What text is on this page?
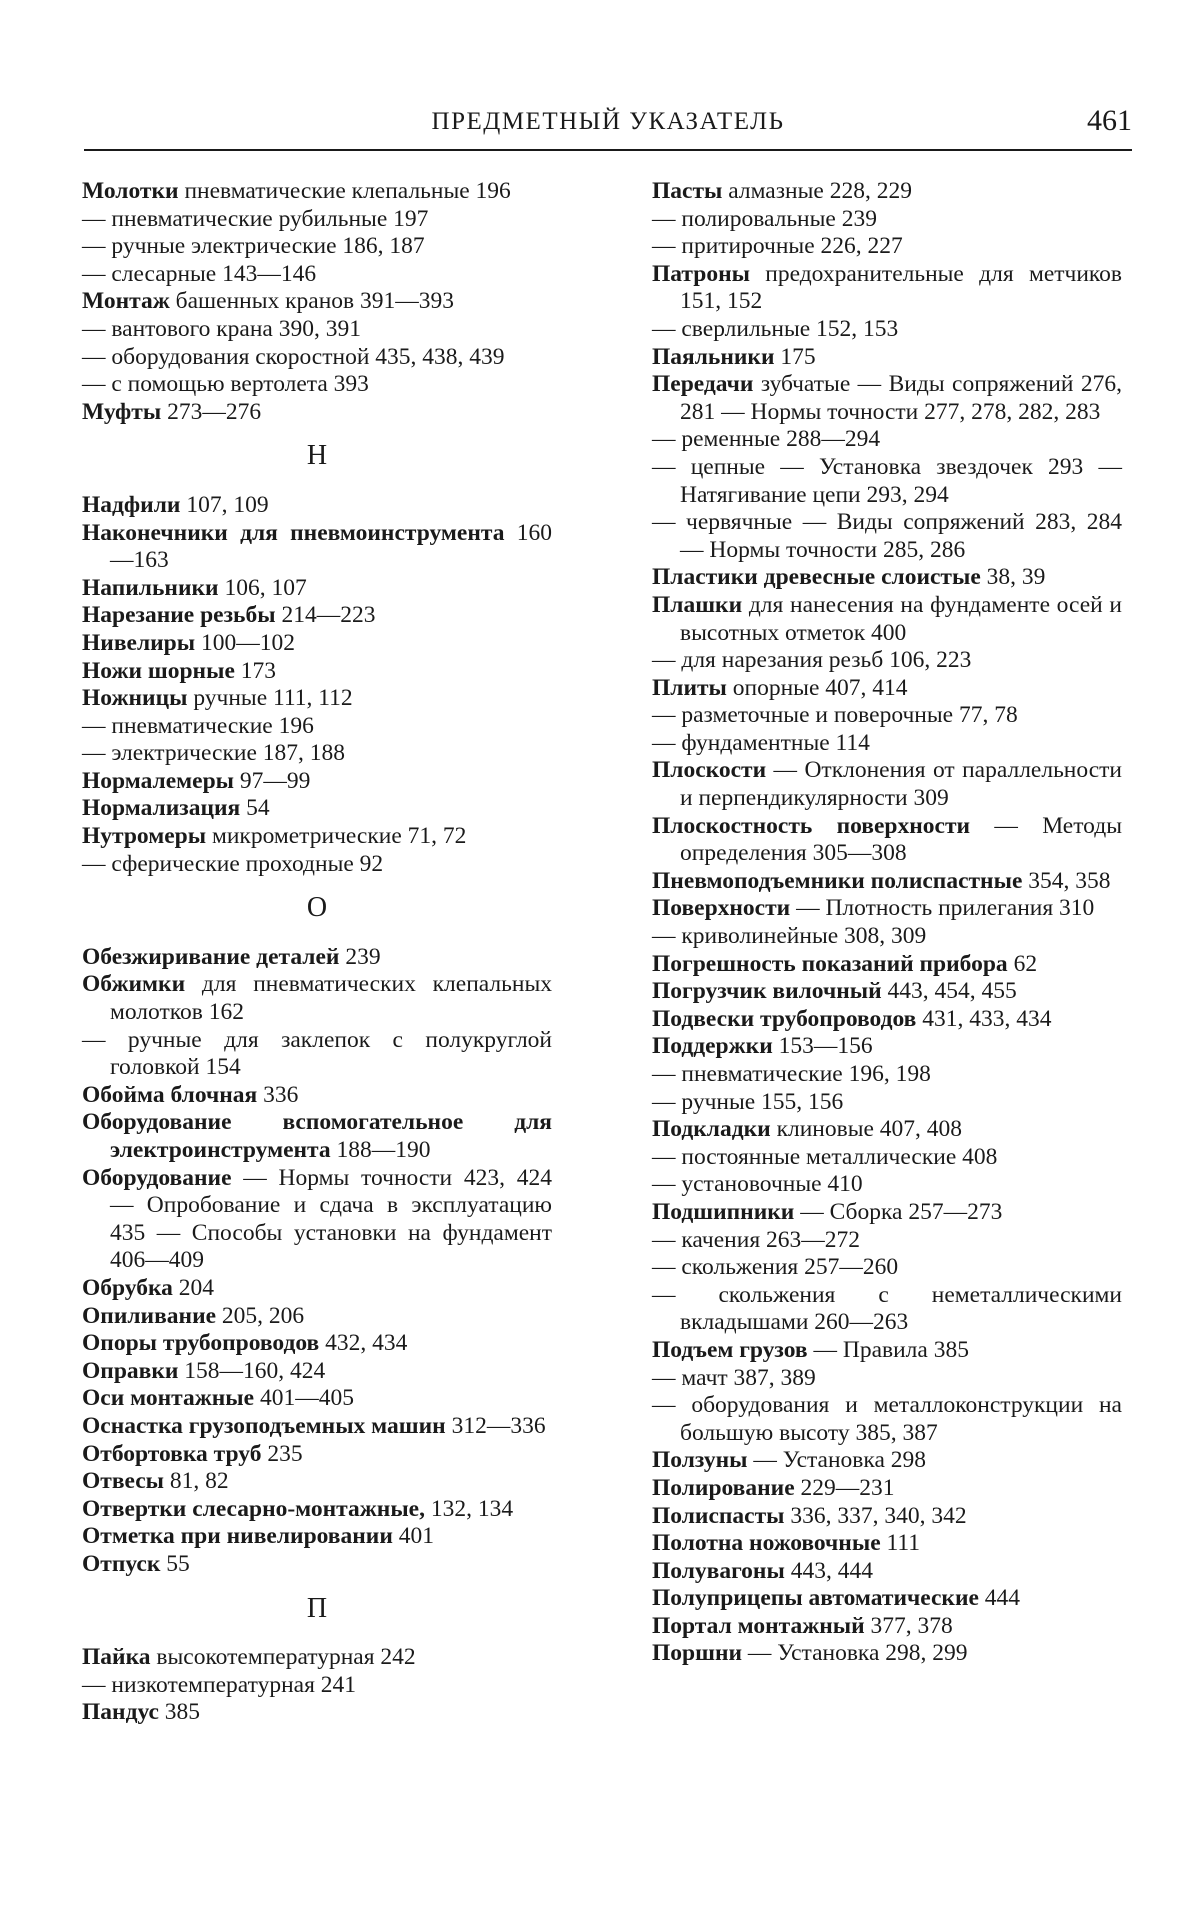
ПРЕДМЕТНЫЙ УКАЗАТЕЛЬ	461
Молотки пневматические клепальные 196
— пневматические рубильные 197
— ручные электрические 186, 187
— слесарные 143—146
Монтаж башенных кранов 391—393
— вантового крана 390, 391
— оборудования скоростной 435, 438, 439
— с помощью вертолета 393
Муфты 273—276
Н
Надфили 107, 109
Наконечники для пневмоинструмента 160—163
Напильники 106, 107
Нарезание резьбы 214—223
Нивелиры 100—102
Ножи шорные 173
Ножницы ручные 111, 112
— пневматические 196
— электрические 187, 188
Нормалемеры 97—99
Нормализация 54
Нутромеры микрометрические 71, 72
— сферические проходные 92
О
Обезжиривание деталей 239
Обжимки для пневматических клепальных молотков 162
— ручные для заклепок с полукруглой головкой 154
Обойма блочная 336
Оборудование вспомогательное для электроинструмента 188—190
Оборудование — Нормы точности 423, 424 — Опробование и сдача в эксплуатацию 435 — Способы установки на фундамент 406—409
Обрубка 204
Опиливание 205, 206
Опоры трубопроводов 432, 434
Оправки 158—160, 424
Оси монтажные 401—405
Оснастка грузоподъемных машин 312—336
Отбортовка труб 235
Отвесы 81, 82
Отвертки слесарно-монтажные, 132, 134
Отметка при нивелировании 401
Отпуск 55
П
Пайка высокотемпературная 242
— низкотемпературная 241
Пандус 385
Пасты алмазные 228, 229
— полировальные 239
— притирочные 226, 227
Патроны предохранительные для метчиков 151, 152
— сверлильные 152, 153
Паяльники 175
Передачи зубчатые — Виды сопряжений 276, 281 — Нормы точности 277, 278, 282, 283
— ременные 288—294
— цепные — Установка звездочек 293 — Натягивание цепи 293, 294
— червячные — Виды сопряжений 283, 284 — Нормы точности 285, 286
Пластики древесные слоистые 38, 39
Плашки для нанесения на фундаменте осей и высотных отметок 400
— для нарезания резьб 106, 223
Плиты опорные 407, 414
— разметочные и поверочные 77, 78
— фундаментные 114
Плоскости — Отклонения от параллельности и перпендикулярности 309
Плоскостность поверхности — Методы определения 305—308
Пневмоподъемники полиспастные 354, 358
Поверхности — Плотность прилегания 310
— криволинейные 308, 309
Погрешность показаний прибора 62
Погрузчик вилочный 443, 454, 455
Подвески трубопроводов 431, 433, 434
Поддержки 153—156
— пневматические 196, 198
— ручные 155, 156
Подкладки клиновые 407, 408
— постоянные металлические 408
— установочные 410
Подшипники — Сборка 257—273
— качения 263—272
— скольжения 257—260
— скольжения с неметаллическими вкладышами 260—263
Подъем грузов — Правила 385
— мачт 387, 389
— оборудования и металлоконструкции на большую высоту 385, 387
Ползуны — Установка 298
Полирование 229—231
Полиспасты 336, 337, 340, 342
Полотна ножовочные 111
Полувагоны 443, 444
Полуприцепы автоматические 444
Портал монтажный 377, 378
Поршни — Установка 298, 299
